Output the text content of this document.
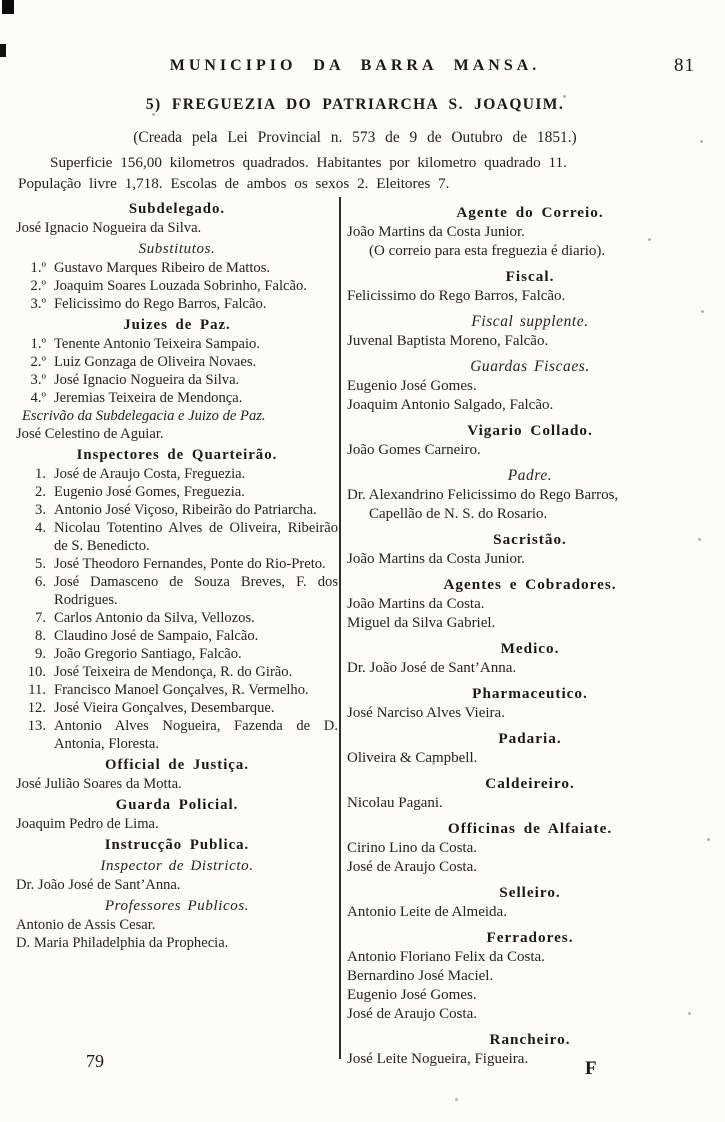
MUNICIPIO DA BARRA MANSA.	81
5) FREGUEZIA DO PATRIARCHA S. JOAQUIM.
(Creada pela Lei Provincial n. 573 de 9 de Outubro de 1851.)
Superficie 156,00 kilometros quadrados. Habitantes por kilometro quadrado 11.
População livre 1,718. Escolas de ambos os sexos 2. Eleitores 7.
Subdelegado.
José Ignacio Nogueira da Silva.
Substitutos.
1.º Gustavo Marques Ribeiro de Mattos.
2.º Joaquim Soares Louzada Sobrinho, Falcão.
3.º Felicissimo do Rego Barros, Falcão.
Juizes de Paz.
1.º Tenente Antonio Teixeira Sampaio.
2.º Luiz Gonzaga de Oliveira Novaes.
3.º José Ignacio Nogueira da Silva.
4.º Jeremias Teixeira de Mendonça.
Escrivão da Subdelegacia e Juizo de Paz.
José Celestino de Aguiar.
Inspectores de Quarteirão.
1. José de Araujo Costa, Freguezia.
2. Eugenio José Gomes, Freguezia.
3. Antonio José Viçoso, Ribeirão do Patriarcha.
4. Nicolau Totentino Alves de Oliveira, Ribeirão de S. Benedicto.
5. José Theodoro Fernandes, Ponte do Rio-Preto.
6. José Damasceno de Souza Breves, F. dos Rodrigues.
7. Carlos Antonio da Silva, Vellozos.
8. Claudino José de Sampaio, Falcão.
9. João Gregorio Santiago, Falcão.
10. José Teixeira de Mendonça, R. do Girão.
11. Francisco Manoel Gonçalves, R. Vermelho.
12. José Vieira Gonçalves, Desembarque.
13. Antonio Alves Nogueira, Fazenda de D. Antonia, Floresta.
Official de Justiça.
José Julião Soares da Motta.
Guarda Policial.
Joaquim Pedro de Lima.
Instrucção Publica.
Inspector de Districto.
Dr. João José de Sant’Anna.
Professores Publicos.
Antonio de Assis Cesar.
D. Maria Philadelphia da Prophecia.
Agente do Correio.
João Martins da Costa Junior.
(O correio para esta freguezia é diario).
Fiscal.
Felicissimo do Rego Barros, Falcão.
Fiscal supplente.
Juvenal Baptista Moreno, Falcão.
Guardas Fiscaes.
Eugenio José Gomes.
Joaquim Antonio Salgado, Falcão.
Vigario Collado.
João Gomes Carneiro.
Padre.
Dr. Alexandrino Felicissimo do Rego Barros,
Capellão de N. S. do Rosario.
Sacristão.
João Martins da Costa Junior.
Agentes e Cobradores.
João Martins da Costa.
Miguel da Silva Gabriel.
Medico.
Dr. João José de Sant’Anna.
Pharmaceutico.
José Narciso Alves Vieira.
Padaria.
Oliveira & Campbell.
Caldeireiro.
Nicolau Pagani.
Officinas de Alfaiate.
Cirino Lino da Costa.
José de Araujo Costa.
Selleiro.
Antonio Leite de Almeida.
Ferradores.
Antonio Floriano Felix da Costa.
Bernardino José Maciel.
Eugenio José Gomes.
José de Araujo Costa.
Rancheiro.
José Leite Nogueira, Figueira.
79	F
